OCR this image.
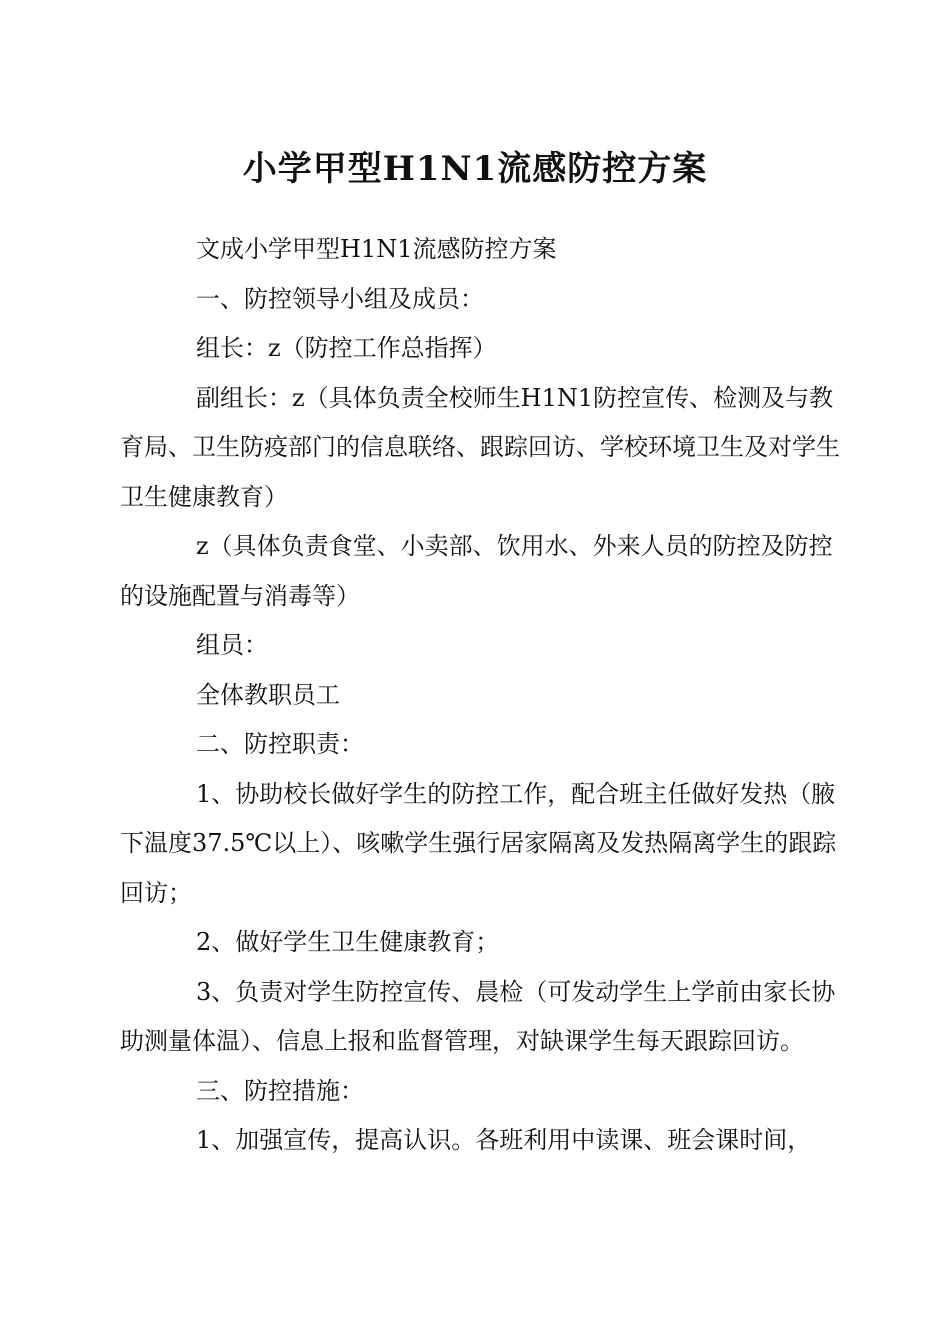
小学甲型H1N1流感防控方案

文成小学甲型H1N1流感防控方案

一、防控领导小组及成员：

组长：z（防控工作总指挥）

副组长：z（具体负责全校师生H1N1防控宣传、检测及与教育局、卫生防疫部门的信息联络、跟踪回访、学校环境卫生及对学生卫生健康教育）

z（具体负责食堂、小卖部、饮用水、外来人员的防控及防控的设施配置与消毒等）

组员：

全体教职员工

二、防控职责：

1、协助校长做好学生的防控工作，配合班主任做好发热（腋下温度37.5℃以上）、咳嗽学生强行居家隔离及发热隔离学生的跟踪回访；

2、做好学生卫生健康教育；

3、负责对学生防控宣传、晨检（可发动学生上学前由家长协助测量体温）、信息上报和监督管理，对缺课学生每天跟踪回访。

三、防控措施：

1、加强宣传，提高认识。各班利用中读课、班会课时间，
